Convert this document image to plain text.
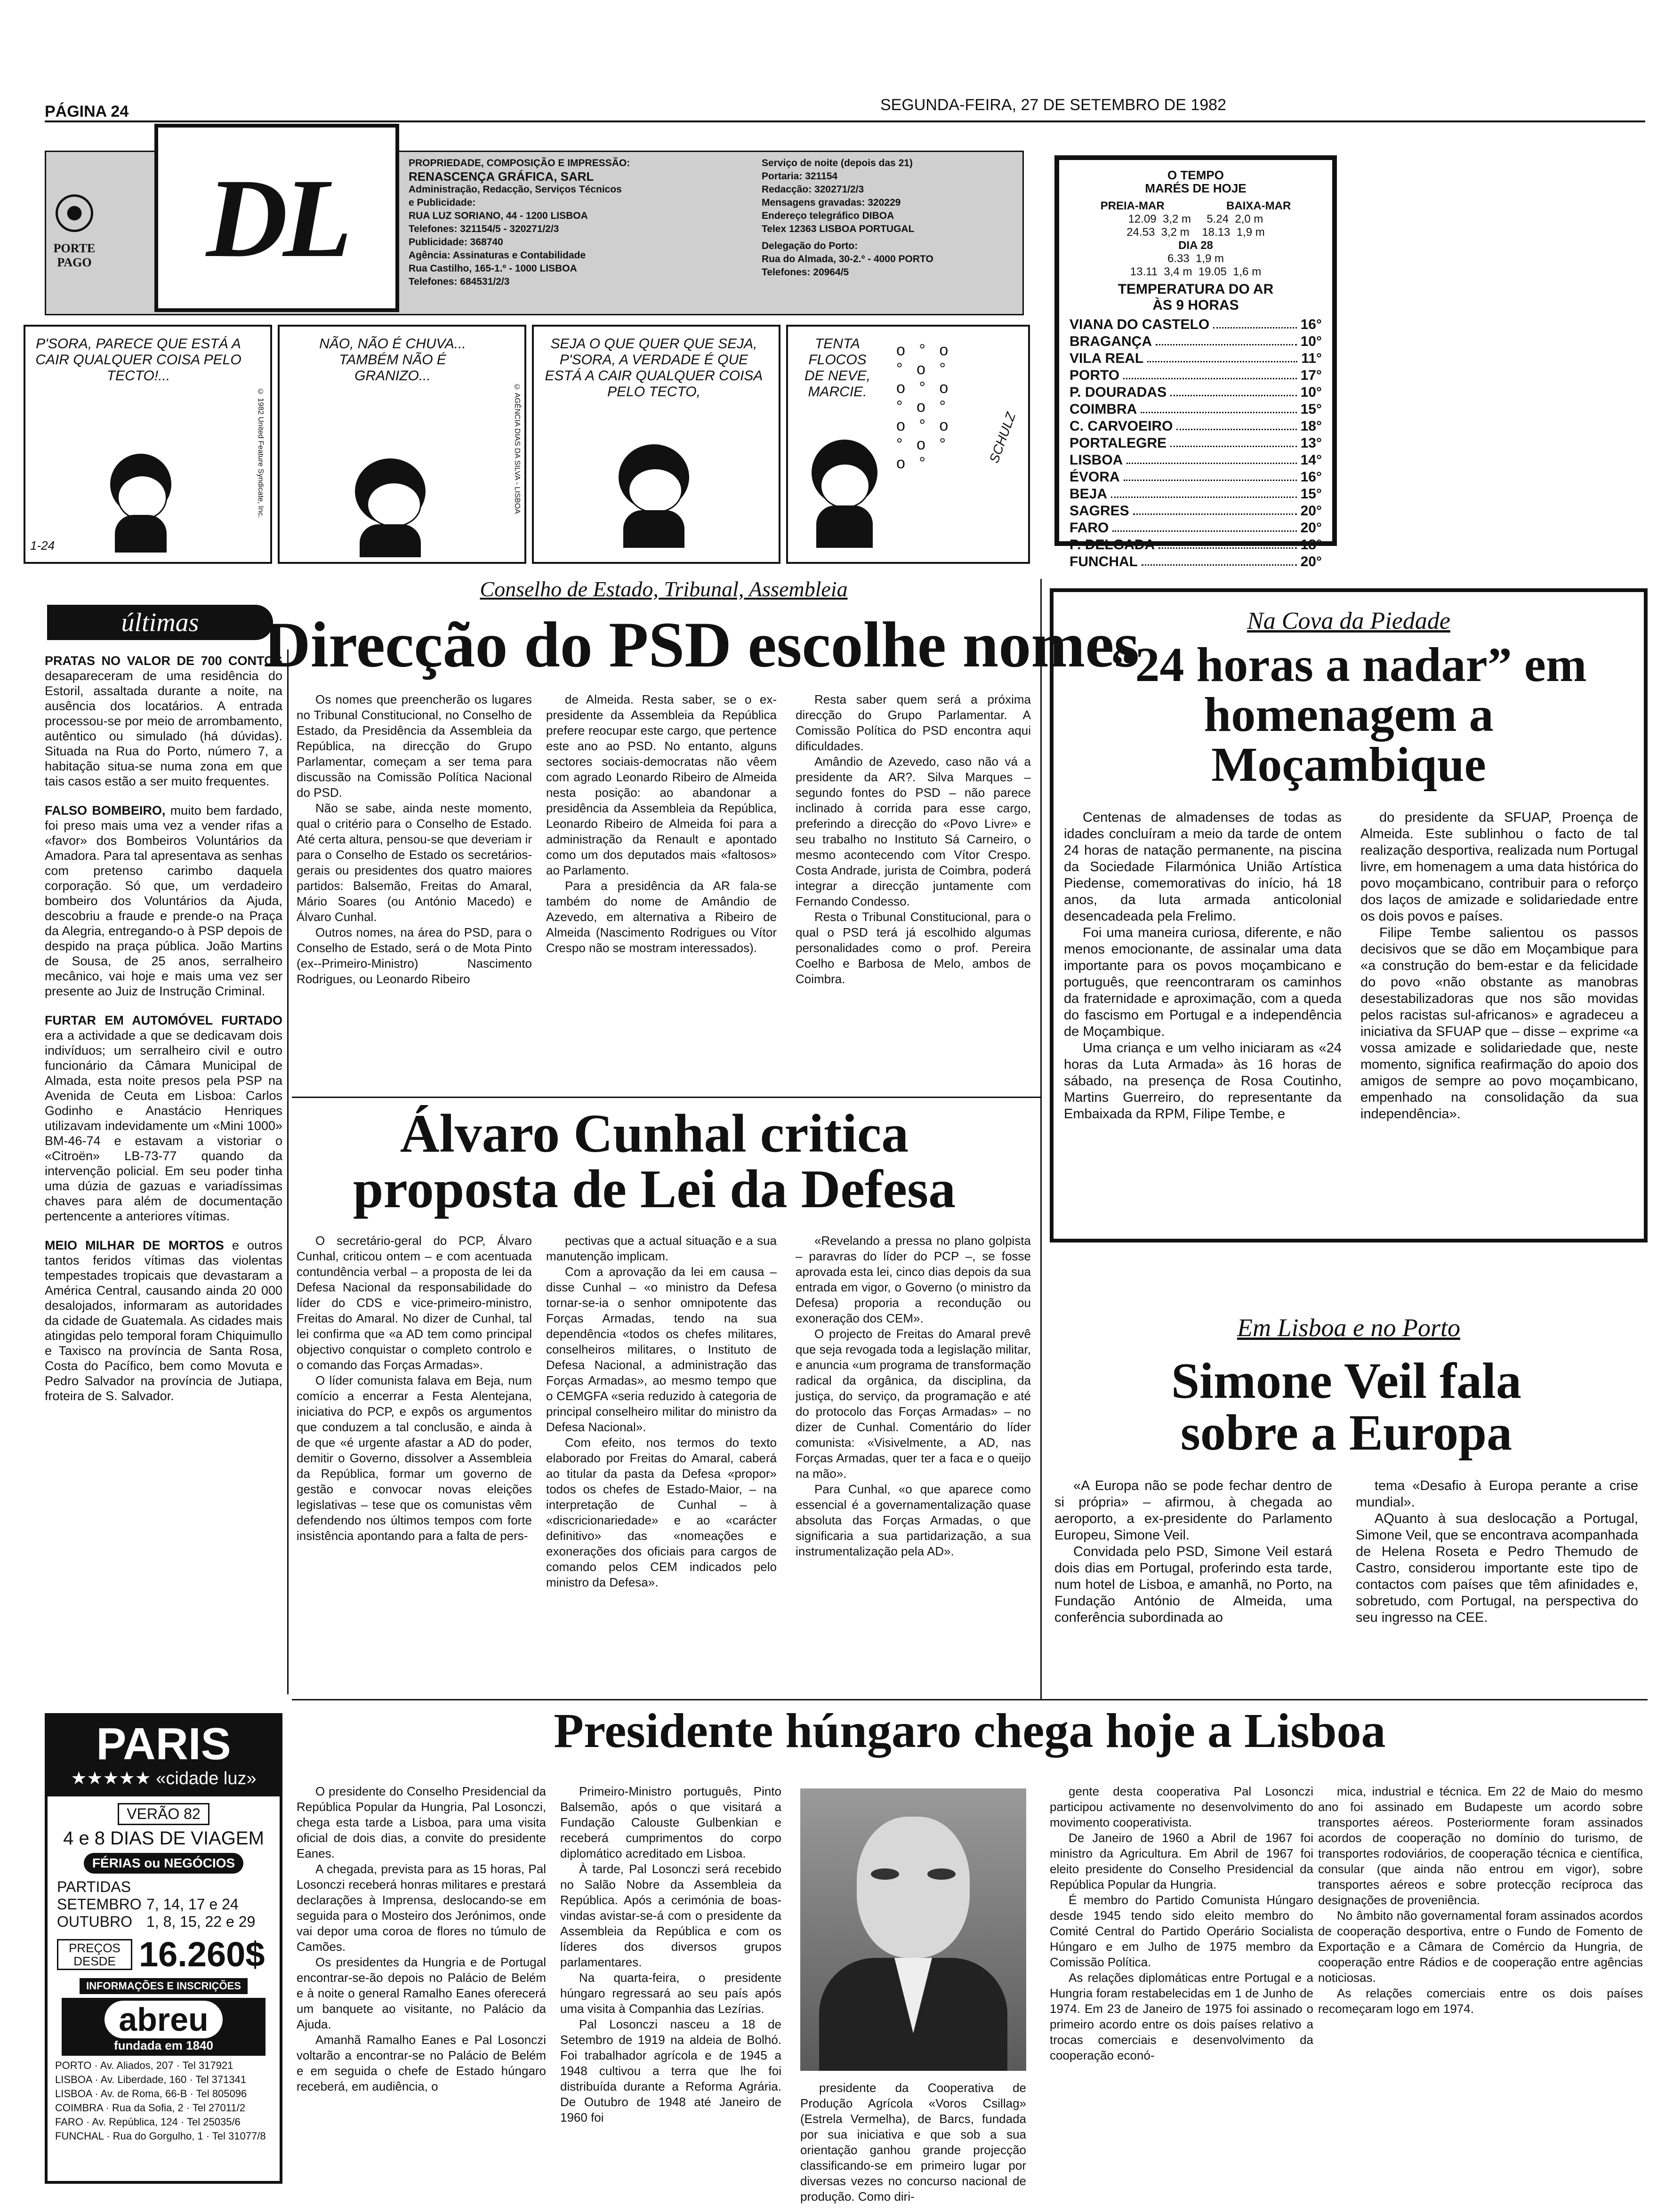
PÁGINA 24	SEGUNDA-FEIRA, 27 DE SETEMBRO DE 1982
PORTE
PAGO DL	PROPRIEDADE, COMPOSIÇÃO E IMPRESSÃO:
RENASCENÇA GRÁFICA, SARL
Administração, Redacção, Serviços Técnicos
e Publicidade:
RUA LUZ SORIANO, 44 - 1200 LISBOA
Telefones: 321154/5 - 320271/2/3
Publicidade: 368740
Agência: Assinaturas e Contabilidade
Rua Castilho, 165-1.º - 1000 LISBOA
Telefones: 684531/2/3
Serviço de noite (depois das 21)
Portaria: 321154
Redacção: 320271/2/3
Mensagens gravadas: 320229
Endereço telegráfico DIBOA
Telex 12363 LISBOA PORTUGAL
Delegação do Porto:
Rua do Almada, 30-2.º - 4000 PORTO
Telefones: 20964/5
O TEMPO
MARÉS DE HOJE
PREIA-MAR	BAIXA-MAR
12.09  3,2 m     5.24  2,0 m
24.53  3,2 m    18.13  1,9 m
DIA 28
6.33  1,9 m
13.11  3,4 m  19.05  1,6 m
TEMPERATURA DO AR
ÀS 9 HORAS
VIANA DO CASTELO	16°
BRAGANÇA	10°
VILA REAL	11°
PORTO	17°
P. DOURADAS	10°
COIMBRA	15°
C. CARVOEIRO	18°
PORTALEGRE	13°
LISBOA	14°
ÉVORA	16°
BEJA	15°
SAGRES	20°
FARO	20°
P. DELGADA	18°
FUNCHAL	20°
P'SORA, PARECE QUE ESTÁ A CAIR QUALQUER COISA PELO TECTO!...
1-24
© 1982 United Feature Syndicate, Inc.
NÃO, NÃO É CHUVA... TAMBÉM NÃO É GRANIZO...
© AGÊNCIA DIAS DA SILVA - LISBOA
SEJA O QUE QUER QUE SEJA, P'SORA, A VERDADE É QUE ESTÁ A CAIR QUALQUER COISA PELO TECTO,
TENTA FLOCOS DE NEVE, MARCIE.
o ° o
° o °
o ° o
° o °
o ° o
° o °
o °	SCHULZ
últimas
PRATAS NO VALOR DE 700 CONTOS desapareceram de uma residência do Estoril, assaltada durante a noite, na ausência dos locatários. A entrada processou-se por meio de arrombamento, autêntico ou simulado (há dúvidas). Situada na Rua do Porto, número 7, a habitação situa-se numa zona em que tais casos estão a ser muito frequentes.
FALSO BOMBEIRO, muito bem fardado, foi preso mais uma vez a vender rifas a «favor» dos Bombeiros Voluntários da Amadora. Para tal apresentava as senhas com pretenso carimbo daquela corporação. Só que, um verdadeiro bombeiro dos Voluntários da Ajuda, descobriu a fraude e prende-o na Praça da Alegria, entregando-o à PSP depois de despido na praça pública. João Martins de Sousa, de 25 anos, serralheiro mecânico, vai hoje e mais uma vez ser presente ao Juiz de Instrução Criminal.
FURTAR EM AUTOMÓVEL FURTADO era a actividade a que se dedicavam dois indivíduos; um serralheiro civil e outro funcionário da Câmara Municipal de Almada, esta noite presos pela PSP na Avenida de Ceuta em Lisboa: Carlos Godinho e Anastácio Henriques utilizavam indevidamente um «Mini 1000» BM-46-74 e estavam a vistoriar o «Citroën» LB-73-77 quando da intervenção policial. Em seu poder tinha uma dúzia de gazuas e variadíssimas chaves para além de documentação pertencente a anteriores vítimas.
MEIO MILHAR DE MORTOS e outros tantos feridos vítimas das violentas tempestades tropicais que devastaram a América Central, causando ainda 20 000 desalojados, informaram as autoridades da cidade de Guatemala. As cidades mais atingidas pelo temporal foram Chiquimullo e Taxisco na província de Santa Rosa, Costa do Pacífico, bem como Movuta e Pedro Salvador na província de Jutiapa, froteira de S. Salvador.
PARIS
★★★★★ «cidade luz»
VERÃO 82
4 e 8 DIAS DE VIAGEM
FÉRIAS ou NEGÓCIOS
PARTIDAS
SETEMBRO 7, 14, 17 e 24
OUTUBRO 1, 8, 15, 22 e 29
PREÇOS DESDE 16.260$
INFORMAÇÕES E INSCRIÇÕES
abreu
fundada em 1840
PORTO · Av. Aliados, 207 · Tel 317921
LISBOA · Av. Liberdade, 160 · Tel 371341
LISBOA · Av. de Roma, 66-B · Tel 805096
COIMBRA · Rua da Sofia, 2 · Tel 27011/2
FARO · Av. República, 124 · Tel 25035/6
FUNCHAL · Rua do Gorgulho, 1 · Tel 31077/8
Conselho de Estado, Tribunal, Assembleia
Direcção do PSD escolhe nomes

Os nomes que preencherão os lugares no Tribunal Constitucional, no Conselho de Estado, da Presidência da Assembleia da República, na direcção do Grupo Parlamentar, começam a ser tema para discussão na Comissão Política Nacional do PSD.

Não se sabe, ainda neste momento, qual o critério para o Conselho de Estado. Até certa altura, pensou-se que deveriam ir para o Conselho de Estado os secretários-gerais ou presidentes dos quatro maiores partidos: Balsemão, Freitas do Amaral, Mário Soares (ou António Macedo) e Álvaro Cunhal.

Outros nomes, na área do PSD, para o Conselho de Estado, será o de Mota Pinto (ex--Primeiro-Ministro) Nascimento Rodrigues, ou Leonardo Ribeiro

de Almeida. Resta saber, se o ex-presidente da Assembleia da República prefere reocupar este cargo, que pertence este ano ao PSD. No entanto, alguns sectores sociais-democratas não vêem com agrado Leonardo Ribeiro de Almeida nesta posição: ao abandonar a presidência da Assembleia da República, Leonardo Ribeiro de Almeida foi para a administração da Renault e apontado como um dos deputados mais «faltosos» ao Parlamento.

Para a presidência da AR fala-se também do nome de Amândio de Azevedo, em alternativa a Ribeiro de Almeida (Nascimento Rodrigues ou Vítor Crespo não se mostram interessados).

Resta saber quem será a próxima direcção do Grupo Parlamentar. A Comissão Política do PSD encontra aqui dificuldades.

Amândio de Azevedo, caso não vá a presidente da AR?. Silva Marques – segundo fontes do PSD – não parece inclinado à corrida para esse cargo, preferindo a direcção do «Povo Livre» e seu trabalho no Instituto Sá Carneiro, o mesmo acontecendo com Vítor Crespo. Costa Andrade, jurista de Coimbra, poderá integrar a direcção juntamente com Fernando Condesso.

Resta o Tribunal Constitucional, para o qual o PSD terá já escolhido algumas personalidades como o prof. Pereira Coelho e Barbosa de Melo, ambos de Coimbra.

Álvaro Cunhal critica proposta de Lei da Defesa

O secretário-geral do PCP, Álvaro Cunhal, criticou ontem – e com acentuada contundência verbal – a proposta de lei da Defesa Nacional da responsabilidade do líder do CDS e vice-primeiro-ministro, Freitas do Amaral. No dizer de Cunhal, tal lei confirma que «a AD tem como principal objectivo conquistar o completo controlo e o comando das Forças Armadas».

O líder comunista falava em Beja, num comício a encerrar a Festa Alentejana, iniciativa do PCP, e expôs os argumentos que conduzem a tal conclusão, e ainda à de que «é urgente afastar a AD do poder, demitir o Governo, dissolver a Assembleia da República, formar um governo de gestão e convocar novas eleições legislativas – tese que os comunistas vêm defendendo nos últimos tempos com forte insistência apontando para a falta de pers-

pectivas que a actual situação e a sua manutenção implicam.

Com a aprovação da lei em causa – disse Cunhal – «o ministro da Defesa tornar-se-ia o senhor omnipotente das Forças Armadas, tendo na sua dependência «todos os chefes militares, conselheiros militares, o Instituto de Defesa Nacional, a administração das Forças Armadas», ao mesmo tempo que o CEMGFA «seria reduzido à categoria de principal conselheiro militar do ministro da Defesa Nacional».

Com efeito, nos termos do texto elaborado por Freitas do Amaral, caberá ao titular da pasta da Defesa «propor» todos os chefes de Estado-Maior, – na interpretação de Cunhal – à «discricionariedade» e ao «carácter definitivo» das «nomeações e exonerações dos oficiais para cargos de comando pelos CEM indicados pelo ministro da Defesa».

«Revelando a pressa no plano golpista – paravras do líder do PCP –, se fosse aprovada esta lei, cinco dias depois da sua entrada em vigor, o Governo (o ministro da Defesa) proporia a recondução ou exoneração dos CEM».

O projecto de Freitas do Amaral prevê que seja revogada toda a legislação militar, e anuncia «um programa de transformação radical da orgânica, da disciplina, da justiça, do serviço, da programação e até do protocolo das Forças Armadas» – no dizer de Cunhal. Comentário do líder comunista: «Visivelmente, a AD, nas Forças Armadas, quer ter a faca e o queijo na mão».

Para Cunhal, «o que aparece como essencial é a governamentalização quase absoluta das Forças Armadas, o que significaria a sua partidarização, a sua instrumentalização pela AD».

Na Cova da Piedade
“24 horas a nadar” em homenagem a Moçambique

Centenas de almadenses de todas as idades concluíram a meio da tarde de ontem 24 horas de natação permanente, na piscina da Sociedade Filarmónica União Artística Piedense, comemorativas do início, há 18 anos, da luta armada anticolonial desencadeada pela Frelimo.

Foi uma maneira curiosa, diferente, e não menos emocionante, de assinalar uma data importante para os povos moçambicano e português, que reencontraram os caminhos da fraternidade e aproximação, com a queda do fascismo em Portugal e a independência de Moçambique.

Uma criança e um velho iniciaram as «24 horas da Luta Armada» às 16 horas de sábado, na presença de Rosa Coutinho, Martins Guerreiro, do representante da Embaixada da RPM, Filipe Tembe, e

do presidente da SFUAP, Proença de Almeida. Este sublinhou o facto de tal realização desportiva, realizada num Portugal livre, em homenagem a uma data histórica do povo moçambicano, contribuir para o reforço dos laços de amizade e solidariedade entre os dois povos e países.

Filipe Tembe salientou os passos decisivos que se dão em Moçambique para «a construção do bem-estar e da felicidade do povo «não obstante as manobras desestabilizadoras que nos são movidas pelos racistas sul-africanos» e agradeceu a iniciativa da SFUAP que – disse – exprime «a vossa amizade e solidariedade que, neste momento, significa reafirmação do apoio dos amigos de sempre ao povo moçambicano, empenhado na consolidação da sua independência».

Em Lisboa e no Porto
Simone Veil fala sobre a Europa

«A Europa não se pode fechar dentro de si própria» – afirmou, à chegada ao aeroporto, a ex-presidente do Parlamento Europeu, Simone Veil.

Convidada pelo PSD, Simone Veil estará dois dias em Portugal, proferindo esta tarde, num hotel de Lisboa, e amanhã, no Porto, na Fundação António de Almeida, uma conferência subordinada ao

tema «Desafio à Europa perante a crise mundial».

AQuanto à sua deslocação a Portugal, Simone Veil, que se encontrava acompanhada de Helena Roseta e Pedro Themudo de Castro, considerou importante este tipo de contactos com países que têm afinidades e, sobretudo, com Portugal, na perspectiva do seu ingresso na CEE.

Presidente húngaro chega hoje a Lisboa

O presidente do Conselho Presidencial da República Popular da Hungria, Pal Losonczi, chega esta tarde a Lisboa, para uma visita oficial de dois dias, a convite do presidente Eanes.

A chegada, prevista para as 15 horas, Pal Losonczi receberá honras militares e prestará declarações à Imprensa, deslocando-se em seguida para o Mosteiro dos Jerónimos, onde vai depor uma coroa de flores no túmulo de Camões.

Os presidentes da Hungria e de Portugal encontrar-se-ão depois no Palácio de Belém e à noite o general Ramalho Eanes oferecerá um banquete ao visitante, no Palácio da Ajuda.

Amanhã Ramalho Eanes e Pal Losonczi voltarão a encontrar-se no Palácio de Belém e em seguida o chefe de Estado húngaro receberá, em audiência, o

Primeiro-Ministro português, Pinto Balsemão, após o que visitará a Fundação Calouste Gulbenkian e receberá cumprimentos do corpo diplomático acreditado em Lisboa.

À tarde, Pal Losonczi será recebido no Salão Nobre da Assembleia da República. Após a cerimónia de boas-vindas avistar-se-á com o presidente da Assembleia da República e com os líderes dos diversos grupos parlamentares.

Na quarta-feira, o presidente húngaro regressará ao seu país após uma visita à Companhia das Lezírias.

Pal Losonczi nasceu a 18 de Setembro de 1919 na aldeia de Bolhó. Foi trabalhador agrícola e de 1945 a 1948 cultivou a terra que lhe foi distribuída durante a Reforma Agrária. De Outubro de 1948 até Janeiro de 1960 foi

presidente da Cooperativa de Produção Agrícola «Voros Csillag» (Estrela Vermelha), de Barcs, fundada por sua iniciativa e que sob a sua orientação ganhou grande projecção classificando-se em primeiro lugar por diversas vezes no concurso nacional de produção. Como diri-

gente desta cooperativa Pal Losonczi participou activamente no desenvolvimento do movimento cooperativista.

De Janeiro de 1960 a Abril de 1967 foi ministro da Agricultura. Em Abril de 1967 foi eleito presidente do Conselho Presidencial da República Popular da Hungria.

É membro do Partido Comunista Húngaro desde 1945 tendo sido eleito membro do Comité Central do Partido Operário Socialista Húngaro e em Julho de 1975 membro da Comissão Política.

As relações diplomáticas entre Portugal e a Hungria foram restabelecidas em 1 de Junho de 1974. Em 23 de Janeiro de 1975 foi assinado o primeiro acordo entre os dois países relativo a trocas comerciais e desenvolvimento da cooperação econó-

mica, industrial e técnica. Em 22 de Maio do mesmo ano foi assinado em Budapeste um acordo sobre transportes aéreos. Posteriormente foram assinados acordos de cooperação no domínio do turismo, de transportes rodoviários, de cooperação técnica e científica, consular (que ainda não entrou em vigor), sobre transportes aéreos e sobre protecção recíproca das designações de proveniência.

No âmbito não governamental foram assinados acordos de cooperação desportiva, entre o Fundo de Fomento de Exportação e a Câmara de Comércio da Hungria, de cooperação entre Rádios e de cooperação entre agências noticiosas.

As relações comerciais entre os dois países recomeçaram logo em 1974.
